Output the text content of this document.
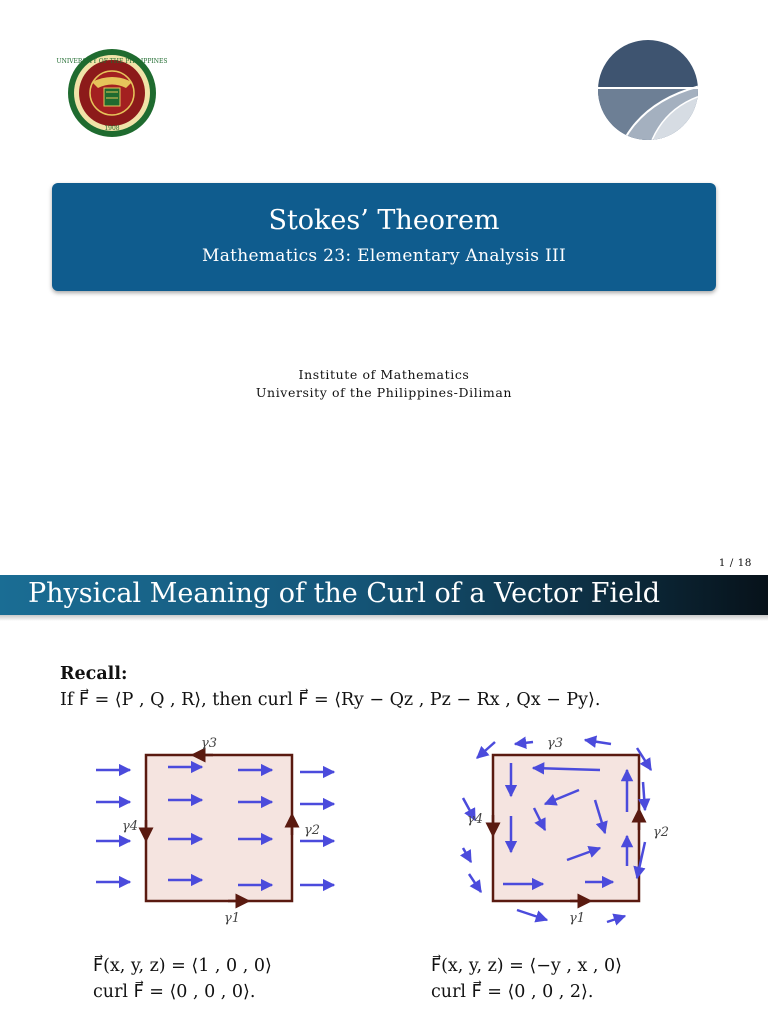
UNIVERSITY OF THE PHILIPPINES
1908
Stokes’ Theorem
Mathematics 23: Elementary Analysis III
Institute of Mathematics
University of the Philippines-Diliman
1 / 18
Physical Meaning of the Curl of a Vector Field
Recall:
If F⃗ = ⟨P , Q , R⟩, then curl F⃗ = ⟨Ry − Qz , Pz − Rx , Qx − Py⟩.
γ3
γ2
γ1
γ4
γ3
γ2
γ1
γ4
F⃗(x, y, z) = ⟨1 , 0 , 0⟩
curl F⃗ = ⟨0 , 0 , 0⟩.
F⃗(x, y, z) = ⟨−y , x , 0⟩
curl F⃗ = ⟨0 , 0 , 2⟩.
